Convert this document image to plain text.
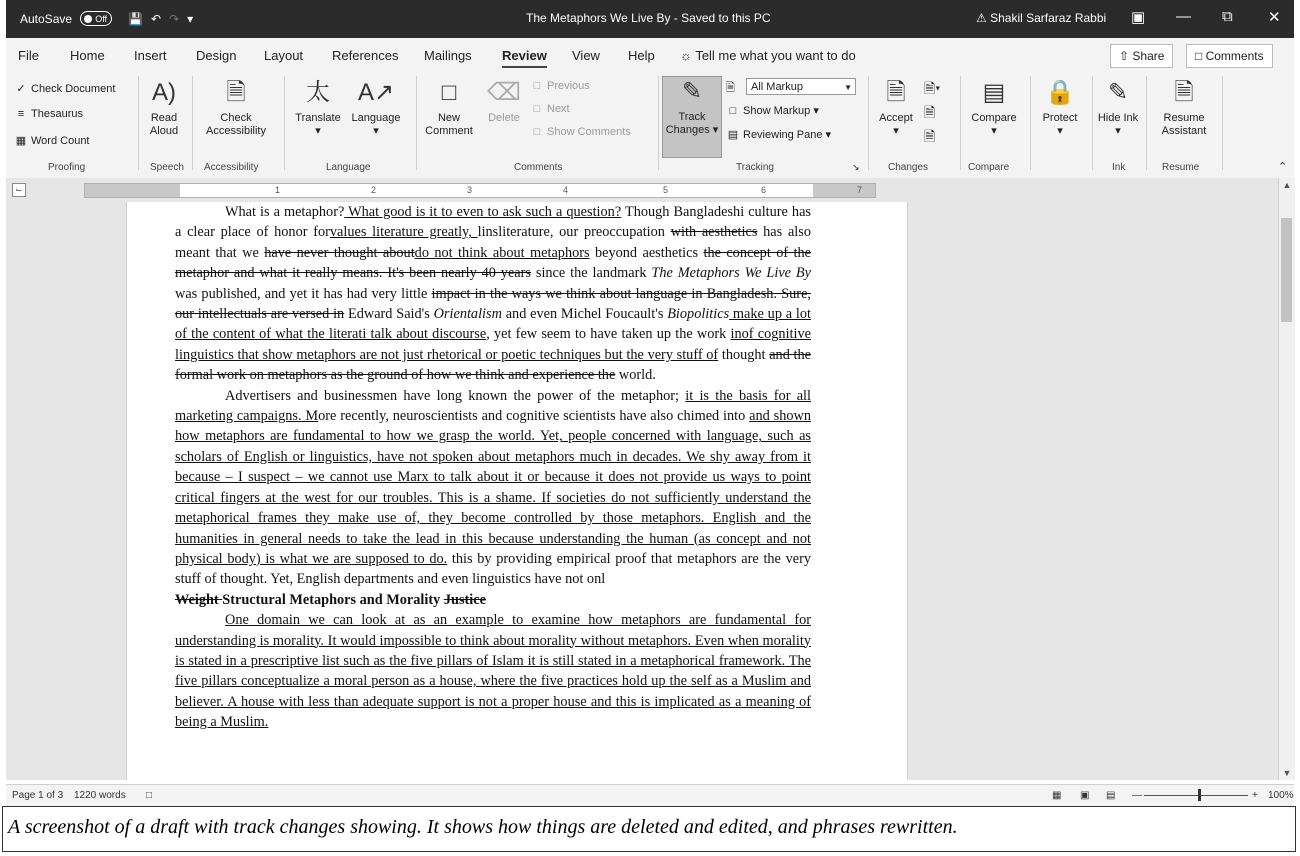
AutoSave	Off	💾 ↶ ↷ ▾	The Metaphors We Live By - Saved to this PC	⚠ Shakil Sarfaraz Rabbi ▣ — ⧉ ✕
File Home Insert Design Layout References Mailings Review View Help ☼ Tell me what you want to do	⇧ Share	□ Comments
✓ Check Document
≡ Thesaurus
▦ Word Count
Proofing
A)
Read Aloud
Speech
🗎
Check Accessibility
Accessibility
太
Translate
▾
A↗
Language
▾
Language
□
New Comment
⌫
Delete
□ Previous
□ Next
□ Show Comments
Comments
✎
Track Changes ▾
🗎	All Markup	▼
□ Show Markup ▾
▤ Reviewing Pane ▾
Tracking	↘
🗎
Accept
▾
🗎▾
🗎
🗎
Changes
▤
Compare
▾
Compare
🔒
Protect
▾
✎
Hide Ink ▾
Ink
🗎
Resume Assistant
Resume	⌃
⌙	1	2	3	4	5	6	7

What is a metaphor? What good is it to even to ask such a question? Though Bangladeshi culture has a clear place of honor forvalues literature greatly, linsliterature, our preoccupation with aesthetics has also meant that we have never thought aboutdo not think about metaphors beyond aesthetics the concept of the metaphor and what it really means. It's been nearly 40 years since the landmark The Metaphors We Live By was published, and yet it has had very little impact in the ways we think about language in Bangladesh. Sure, our intellectuals are versed in Edward Said's Orientalism and even Michel Foucault's Biopolitics make up a lot of the content of what the literati talk about discourse, yet few seem to have taken up the work inof cognitive linguistics that show metaphors are not just rhetorical or poetic techniques but the very stuff of thought and the formal work on metaphors as the ground of how we think and experience the world.

Advertisers and businessmen have long known the power of the metaphor; it is the basis for all marketing campaigns. More recently, neuroscientists and cognitive scientists have also chimed into and shown how metaphors are fundamental to how we grasp the world. Yet, people concerned with language, such as scholars of English or linguistics, have not spoken about metaphors much in decades. We shy away from it because – I suspect – we cannot use Marx to talk about it or because it does not provide us ways to point critical fingers at the west for our troubles. This is a shame. If societies do not sufficiently understand the metaphorical frames they make use of, they become controlled by those metaphors. English and the humanities in general needs to take the lead in this because understanding the human (as concept and not physical body) is what we are supposed to do. this by providing empirical proof that metaphors are the very stuff of thought. Yet, English departments and even linguistics have not onl

Weight Structural Metaphors and Morality Justice

One domain we can look at as an example to examine how metaphors are fundamental for understanding is morality. It would impossible to think about morality without metaphors. Even when morality is stated in a prescriptive list such as the five pillars of Islam it is still stated in a metaphorical framework. The five pillars conceptualize a moral person as a house, where the five practices hold up the self as a Muslim and believer. A house with less than adequate support is not a proper house and this is implicated as a meaning of being a Muslim.

▲
▼
Page 1 of 3 1220 words □	▦ ▣ ▤ —	+ 100%
A screenshot of a draft with track changes showing. It shows how things are deleted and edited, and phrases rewritten.
